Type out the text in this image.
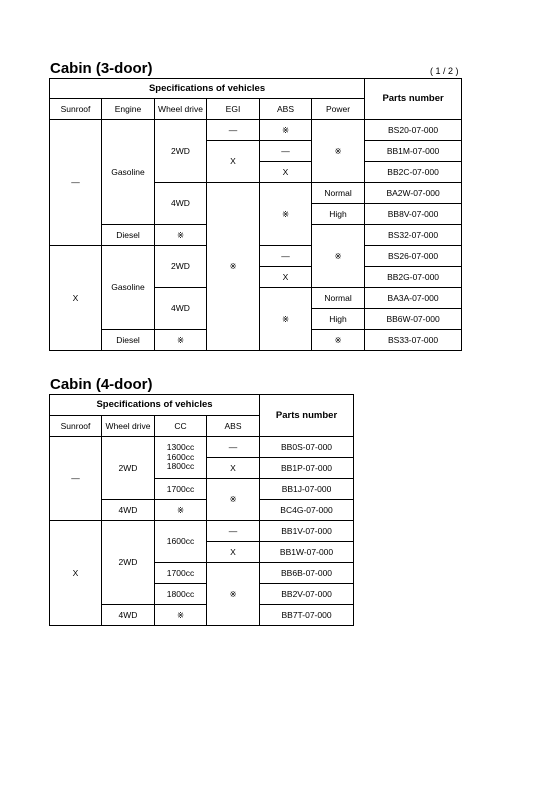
Cabin (3-door)	( 1 / 2 )
Specifications of vehicles						Parts number
Sunroof	Engine	Wheel drive	EGI	ABS	Power	
—	Gasoline	2WD	—	※	※	BS20-07-000
			X	—		BB1M-07-000
				X		BB2C-07-000
		4WD	※	※	Normal	BA2W-07-000
					High	BB8V-07-000
	Diesel	※			※	BS32-07-000
X	Gasoline	2WD		—		BS26-07-000
				X		BB2G-07-000
		4WD		※	Normal	BA3A-07-000
					High	BB6W-07-000
	Diesel	※			※	BS33-07-000
Cabin (4-door)
Specifications of vehicles				Parts number
Sunroof	Wheel drive	CC	ABS	
—	2WD	1300cc
1600cc
1800cc	—	BB0S-07-000
			X	BB1P-07-000
		1700cc	※	BB1J-07-000
	4WD	※		BC4G-07-000
X	2WD	1600cc	—	BB1V-07-000
			X	BB1W-07-000
		1700cc	※	BB6B-07-000
		1800cc		BB2V-07-000
	4WD	※		BB7T-07-000
